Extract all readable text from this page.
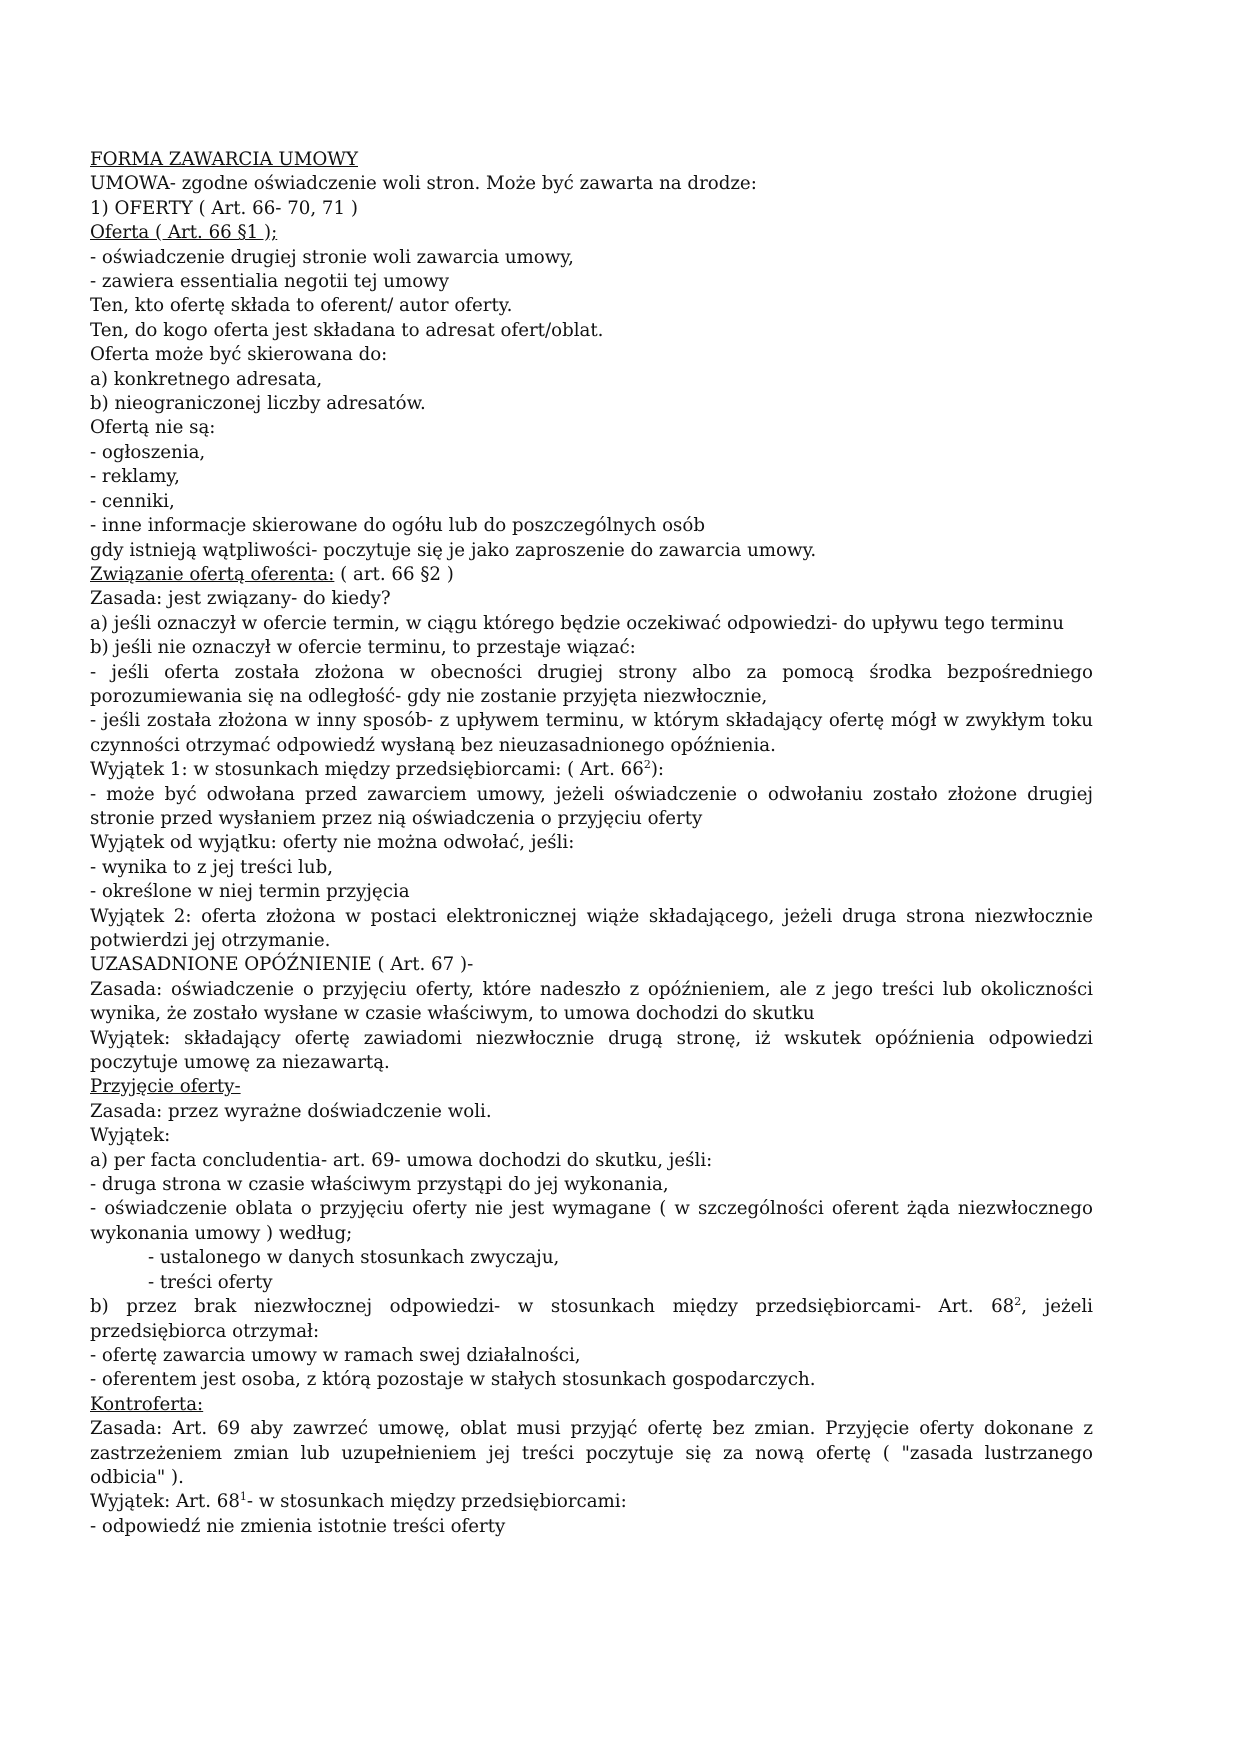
FORMA ZAWARCIA UMOWY
UMOWA- zgodne oświadczenie woli stron. Może być zawarta na drodze:
1) OFERTY ( Art. 66- 70, 71 )
Oferta ( Art. 66 §1 );
- oświadczenie drugiej stronie woli zawarcia umowy,
- zawiera essentialia negotii tej umowy
Ten, kto ofertę składa to oferent/ autor oferty.
Ten, do kogo oferta jest składana to adresat ofert/oblat.
Oferta może być skierowana do:
a) konkretnego adresata,
b) nieograniczonej liczby adresatów.
Ofertą nie są:
- ogłoszenia,
- reklamy,
- cenniki,
- inne informacje skierowane do ogółu lub do poszczególnych osób
gdy istnieją wątpliwości- poczytuje się je jako zaproszenie do zawarcia umowy.
Związanie ofertą oferenta: ( art. 66 §2 )
Zasada: jest związany- do kiedy?
a) jeśli oznaczył w ofercie termin, w ciągu którego będzie oczekiwać odpowiedzi- do upływu tego terminu
b) jeśli nie oznaczył w ofercie terminu, to przestaje wiązać:
- jeśli oferta została złożona w obecności drugiej strony albo za pomocą środka bezpośredniego porozumiewania się na odległość- gdy nie zostanie przyjęta niezwłocznie,
- jeśli została złożona w inny sposób- z upływem terminu, w którym składający ofertę mógł w zwykłym toku czynności otrzymać odpowiedź wysłaną bez nieuzasadnionego opóźnienia.
Wyjątek 1: w stosunkach między przedsiębiorcami: ( Art. $66^2$):
- może być odwołana przed zawarciem umowy, jeżeli oświadczenie o odwołaniu zostało złożone drugiej stronie przed wysłaniem przez nią oświadczenia o przyjęciu oferty
Wyjątek od wyjątku: oferty nie można odwołać, jeśli:
- wynika to z jej treści lub,
- określone w niej termin przyjęcia
Wyjątek 2: oferta złożona w postaci elektronicznej wiąże składającego, jeżeli druga strona niezwłocznie potwierdzi jej otrzymanie.
UZASADNIONE OPÓŹNIENIE ( Art. 67 )-
Zasada: oświadczenie o przyjęciu oferty, które nadeszło z opóźnieniem, ale z jego treści lub okoliczności wynika, że zostało wysłane w czasie właściwym, to umowa dochodzi do skutku
Wyjątek: składający ofertę zawiadomi niezwłocznie drugą stronę, iż wskutek opóźnienia odpowiedzi poczytuje umowę za niezawartą.
Przyjęcie oferty-
Zasada: przez wyrażne doświadczenie woli.
Wyjątek:
a) per facta concludentia- art. 69- umowa dochodzi do skutku, jeśli:
- druga strona w czasie właściwym przystąpi do jej wykonania,
- oświadczenie oblata o przyjęciu oferty nie jest wymagane ( w szczególności oferent żąda niezwłocznego wykonania umowy ) według;
- ustalonego w danych stosunkach zwyczaju,
- treści oferty
b) przez brak niezwłocznej odpowiedzi- w stosunkach między przedsiębiorcami- Art. $68^2$, jeżeli przedsiębiorca otrzymał:
- ofertę zawarcia umowy w ramach swej działalności,
- oferentem jest osoba, z którą pozostaje w stałych stosunkach gospodarczych.
Kontroferta:
Zasada: Art. 69 aby zawrzeć umowę, oblat musi przyjąć ofertę bez zmian. Przyjęcie oferty dokonane z zastrzeżeniem zmian lub uzupełnieniem jej treści poczytuje się za nową ofertę ( "zasada lustrzanego odbicia" ).
Wyjątek: Art. $68^1-$ w stosunkach między przedsiębiorcami:
- odpowiedź nie zmienia istotnie treści oferty
